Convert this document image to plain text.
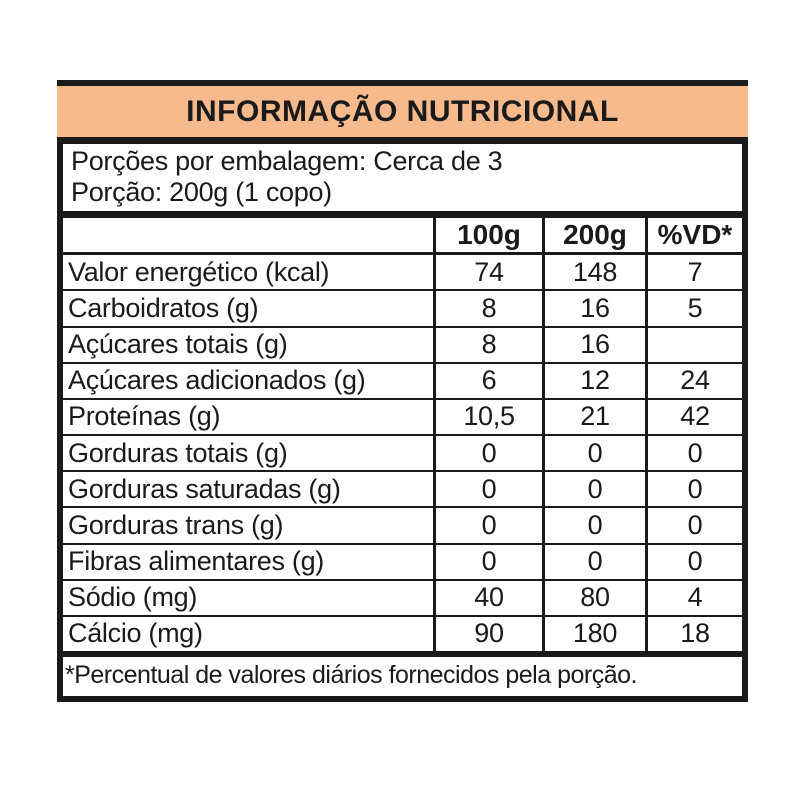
INFORMAÇÃO NUTRICIONAL
Porções por embalagem: Cerca de 3
Porção: 200g (1 copo)
100g	200g	%VD*
Valor energético (kcal)	74	148	7
Carboidratos (g)	8	16	5
Açúcares totais (g)	8	16
Açúcares adicionados (g)	6	12	24
Proteínas (g)	10,5	21	42
Gorduras totais (g)	0	0	0
Gorduras saturadas (g)	0	0	0
Gorduras trans (g)	0	0	0
Fibras alimentares (g)	0	0	0
Sódio (mg)	40	80	4
Cálcio (mg)	90	180	18
*Percentual de valores diários fornecidos pela porção.
